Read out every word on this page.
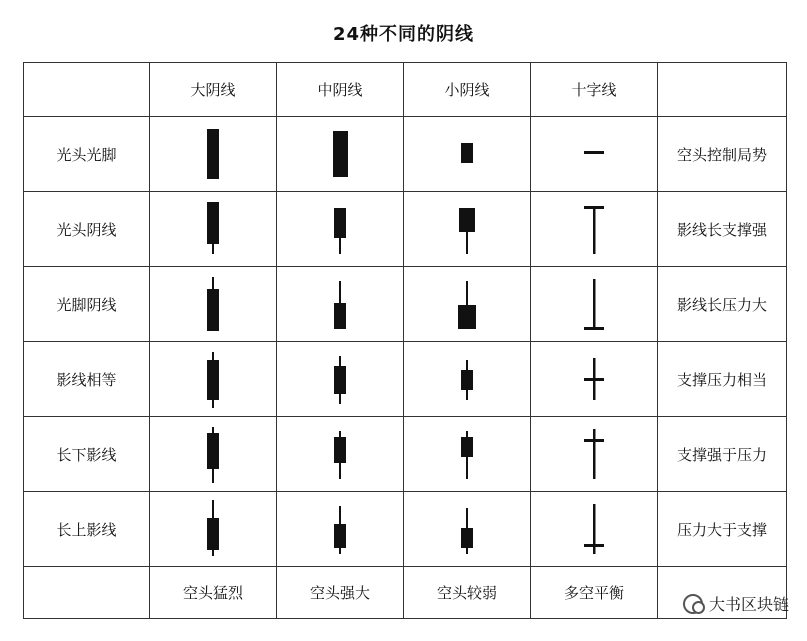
24种不同的阴线
	大阴线	中阴线	小阴线	十字线	
光头光脚					空头控制局势
光头阴线					影线长支撑强
光脚阴线					影线长压力大
影线相等					支撑压力相当
长下影线					支撑强于压力
长上影线					压力大于支撑
	空头猛烈	空头强大	空头较弱	多空平衡	
大书区块链
